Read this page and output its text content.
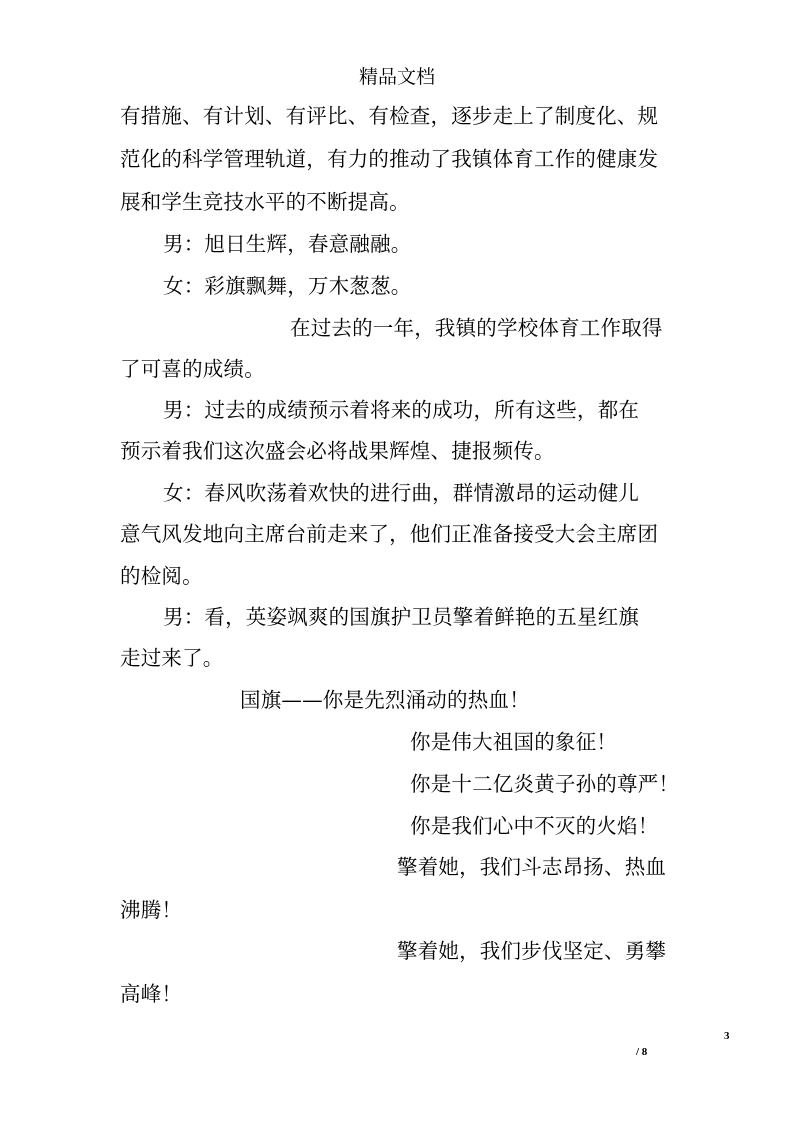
精品文档
有措施、有计划、有评比、有检查，逐步走上了制度化、规
范化的科学管理轨道，有力的推动了我镇体育工作的健康发
展和学生竞技水平的不断提高。
男：旭日生辉，春意融融。
女：彩旗飘舞，万木葱葱。
在过去的一年，我镇的学校体育工作取得
了可喜的成绩。
男：过去的成绩预示着将来的成功，所有这些，都在
预示着我们这次盛会必将战果辉煌、捷报频传。
女：春风吹荡着欢快的进行曲，群情激昂的运动健儿
意气风发地向主席台前走来了，他们正准备接受大会主席团
的检阅。
男：看，英姿飒爽的国旗护卫员擎着鲜艳的五星红旗
走过来了。
国旗——你是先烈涌动的热血！
你是伟大祖国的象征！
你是十二亿炎黄子孙的尊严！
你是我们心中不灭的火焰！
擎着她，我们斗志昂扬、热血
沸腾！
擎着她，我们步伐坚定、勇攀
高峰！
3
/ 8
